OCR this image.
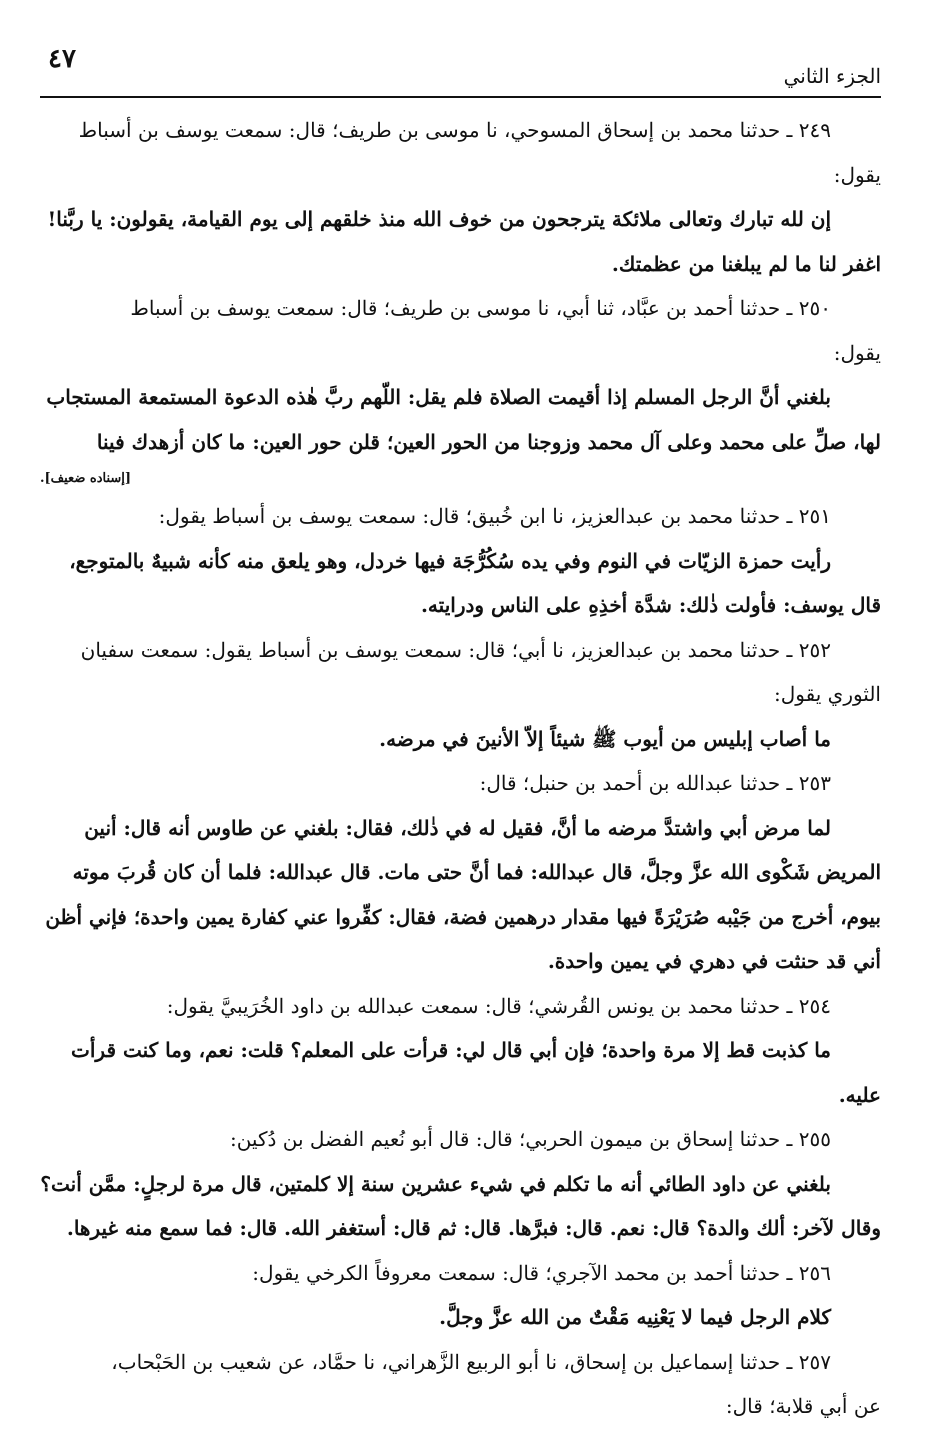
٤٧
الجزء الثاني
٢٤٩ ـ حدثنا محمد بن إسحاق المسوحي، نا موسى بن طريف؛ قال: سمعت يوسف بن أسباط
يقول:
إن لله تبارك وتعالى ملائكة يترجحون من خوف الله منذ خلقهم إلى يوم القيامة، يقولون: يا ربَّنا!
اغفر لنا ما لم يبلغنا من عظمتك.
٢٥٠ ـ حدثنا أحمد بن عبَّاد، ثنا أبي، نا موسى بن طريف؛ قال: سمعت يوسف بن أسباط
يقول:
بلغني أنَّ الرجل المسلم إذا أقيمت الصلاة فلم يقل: اللّهم ربَّ هٰذه الدعوة المستمعة المستجاب
لها، صلِّ على محمد وعلى آل محمد وزوجنا من الحور العين؛ قلن حور العين: ما كان أزهدك فينا
[إسناده ضعيف].
٢٥١ ـ حدثنا محمد بن عبدالعزيز، نا ابن خُبيق؛ قال: سمعت يوسف بن أسباط يقول:
رأيت حمزة الزيّات في النوم وفي يده سُكُرُّجَة فيها خردل، وهو يلعق منه كأنه شبيهٌ بالمتوجع،
قال يوسف: فأولت ذٰلك: شدَّة أخذِهِ على الناس ودرايته.
٢٥٢ ـ حدثنا محمد بن عبدالعزيز، نا أبي؛ قال: سمعت يوسف بن أسباط يقول: سمعت سفيان
الثوري يقول:
ما أصاب إبليس من أيوب ﷺ شيئاً إلاّ الأنينَ في مرضه.
٢٥٣ ـ حدثنا عبدالله بن أحمد بن حنبل؛ قال:
لما مرض أبي واشتدَّ مرضه ما أنَّ، فقيل له في ذٰلك، فقال: بلغني عن طاوس أنه قال: أنين
المريض شَكْوى الله عزَّ وجلَّ، قال عبدالله: فما أنَّ حتى مات. قال عبدالله: فلما أن كان قُربَ موته
بيوم، أخرج من جَيْبه صُرَيْرَةً فيها مقدار درهمين فضة، فقال: كفِّروا عني كفارة يمين واحدة؛ فإني أظن
أني قد حنثت في دهري في يمين واحدة.
٢٥٤ ـ حدثنا محمد بن يونس القُرشي؛ قال: سمعت عبدالله بن داود الخُرَيبيَّ يقول:
ما كذبت قط إلا مرة واحدة؛ فإن أبي قال لي: قرأت على المعلم؟ قلت: نعم، وما كنت قرأت
عليه.
٢٥٥ ـ حدثنا إسحاق بن ميمون الحربي؛ قال: قال أبو نُعيم الفضل بن دُكين:
بلغني عن داود الطائي أنه ما تكلم في شيء عشرين سنة إلا كلمتين، قال مرة لرجلٍ: ممَّن أنت؟
وقال لآخر: ألك والدة؟ قال: نعم. قال: فبرَّها. قال: ثم قال: أستغفر الله. قال: فما سمع منه غيرها.
٢٥٦ ـ حدثنا أحمد بن محمد الآجري؛ قال: سمعت معروفاً الكرخي يقول:
كلام الرجل فيما لا يَعْنِيه مَقْتٌ من الله عزَّ وجلَّ.
٢٥٧ ـ حدثنا إسماعيل بن إسحاق، نا أبو الربيع الزَّهراني، نا حمَّاد، عن شعيب بن الحَبْحاب،
عن أبي قلابة؛ قال:
